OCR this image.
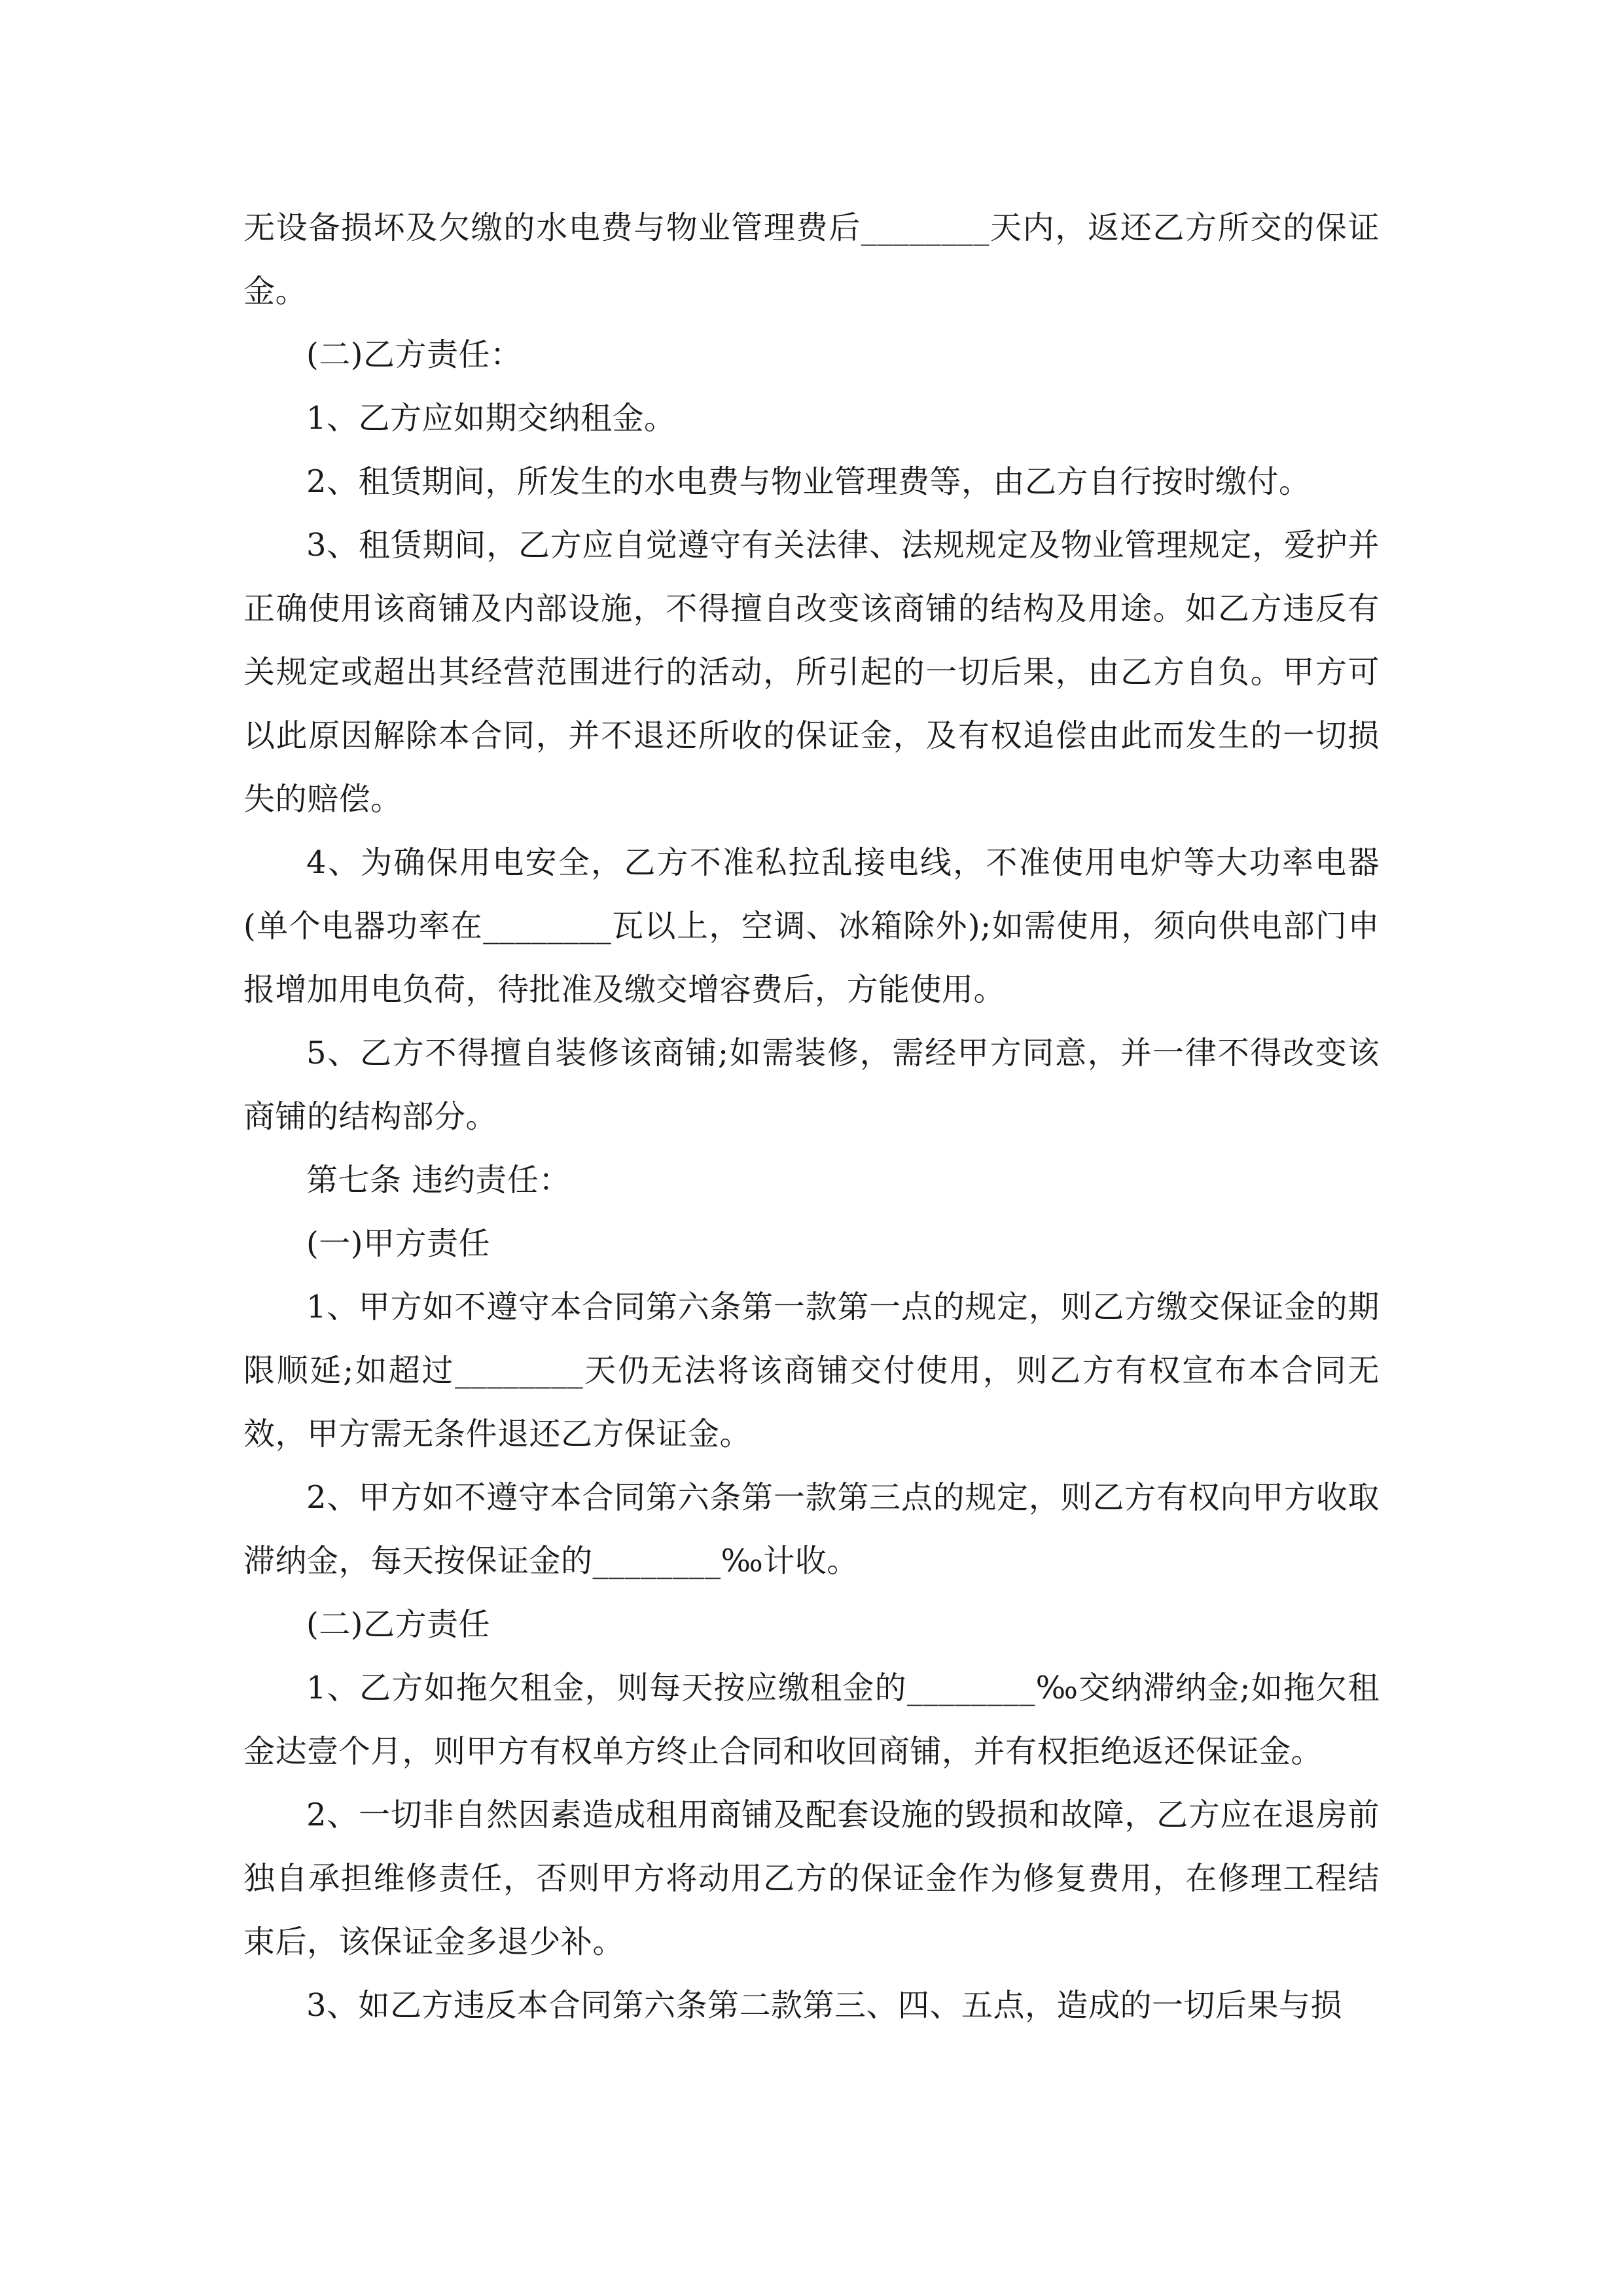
无设备损坏及欠缴的水电费与物业管理费后________天内，返还乙方所交的保证金。

(二)乙方责任：

1、乙方应如期交纳租金。

2、租赁期间，所发生的水电费与物业管理费等，由乙方自行按时缴付。

3、租赁期间，乙方应自觉遵守有关法律、法规规定及物业管理规定，爱护并正确使用该商铺及内部设施，不得擅自改变该商铺的结构及用途。如乙方违反有关规定或超出其经营范围进行的活动，所引起的一切后果，由乙方自负。甲方可以此原因解除本合同，并不退还所收的保证金，及有权追偿由此而发生的一切损失的赔偿。

4、为确保用电安全，乙方不准私拉乱接电线，不准使用电炉等大功率电器(单个电器功率在________瓦以上，空调、冰箱除外);如需使用，须向供电部门申报增加用电负荷，待批准及缴交增容费后，方能使用。

5、乙方不得擅自装修该商铺;如需装修，需经甲方同意，并一律不得改变该商铺的结构部分。

第七条 违约责任：

(一)甲方责任

1、甲方如不遵守本合同第六条第一款第一点的规定，则乙方缴交保证金的期限顺延;如超过________天仍无法将该商铺交付使用，则乙方有权宣布本合同无效，甲方需无条件退还乙方保证金。

2、甲方如不遵守本合同第六条第一款第三点的规定，则乙方有权向甲方收取滞纳金，每天按保证金的________‰计收。

(二)乙方责任

1、乙方如拖欠租金，则每天按应缴租金的________‰交纳滞纳金;如拖欠租金达壹个月，则甲方有权单方终止合同和收回商铺，并有权拒绝返还保证金。

2、一切非自然因素造成租用商铺及配套设施的毁损和故障，乙方应在退房前独自承担维修责任，否则甲方将动用乙方的保证金作为修复费用，在修理工程结束后，该保证金多退少补。

3、如乙方违反本合同第六条第二款第三、四、五点，造成的一切后果与损
